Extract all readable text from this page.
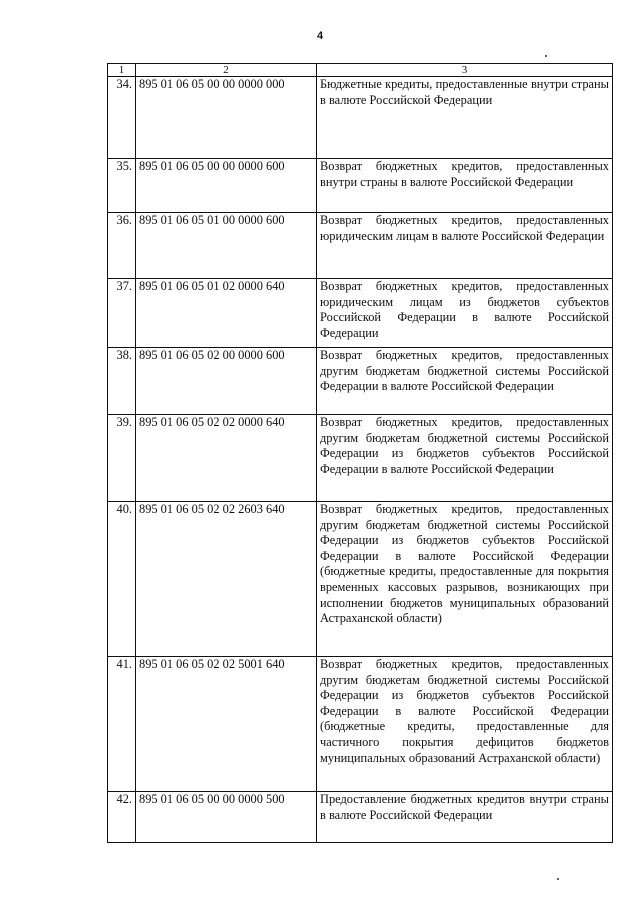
4
1	2	3
34.	895 01 06 05 00 00 0000 000	Бюджетные кредиты, предоставленные внутри страны в валюте Российской Федерации
35.	895 01 06 05 00 00 0000 600	Возврат бюджетных кредитов, предоставленных внутри страны в валюте Российской Федерации
36.	895 01 06 05 01 00 0000 600	Возврат бюджетных кредитов, предоставленных юридическим лицам в валюте Российской Федерации
37.	895 01 06 05 01 02 0000 640	Возврат бюджетных кредитов, предоставленных юридическим лицам из бюджетов субъектов Российской Федерации в валюте Российской Федерации
38.	895 01 06 05 02 00 0000 600	Возврат бюджетных кредитов, предоставленных другим бюджетам бюджетной системы Российской Федерации в валюте Российской Федерации
39.	895 01 06 05 02 02 0000 640	Возврат бюджетных кредитов, предоставленных другим бюджетам бюджетной системы Российской Федерации из бюджетов субъектов Российской Федерации в валюте Российской Федерации
40.	895 01 06 05 02 02 2603 640	Возврат бюджетных кредитов, предоставленных другим бюджетам бюджетной системы Российской Федерации из бюджетов субъектов Российской Федерации в валюте Российской Федерации (бюджетные кредиты, предоставленные для покрытия временных кассовых разрывов, возникающих при исполнении бюджетов муниципальных образований Астраханской области)
41.	895 01 06 05 02 02 5001 640	Возврат бюджетных кредитов, предоставленных другим бюджетам бюджетной системы Российской Федерации из бюджетов субъектов Российской Федерации в валюте Российской Федерации (бюджетные кредиты, предоставленные для частичного покрытия дефицитов бюджетов муниципальных образований Астраханской области)
42.	895 01 06 05 00 00 0000 500	Предоставление бюджетных кредитов внутри страны в валюте Российской Федерации
